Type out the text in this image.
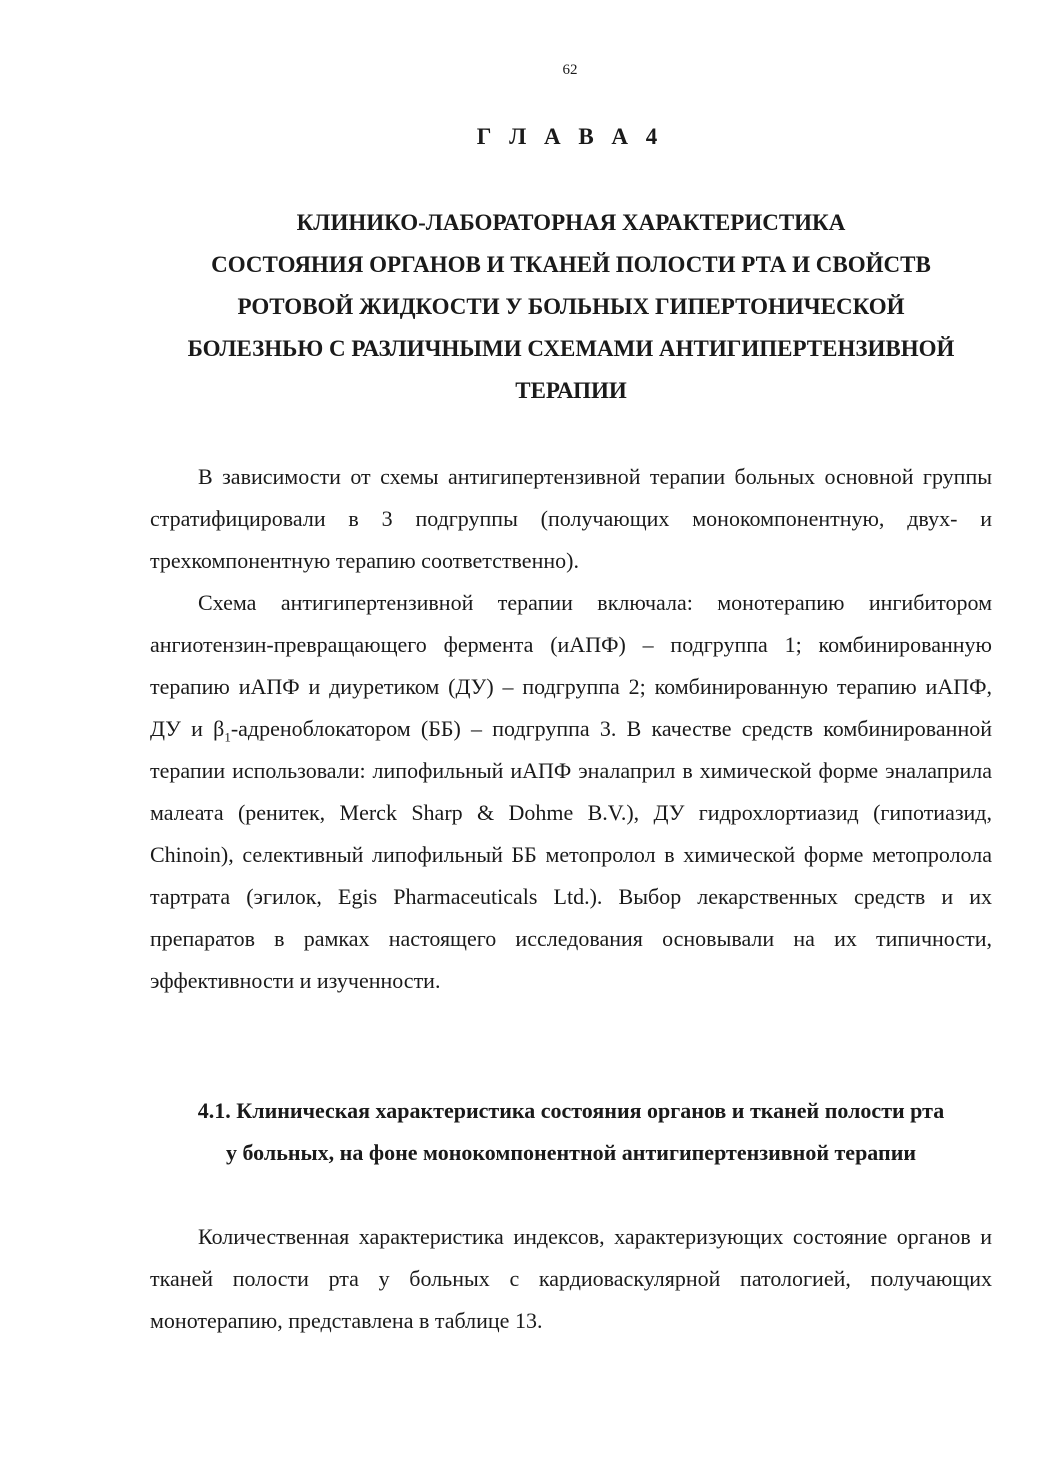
62
Г Л А В А 4
КЛИНИКО-ЛАБОРАТОРНАЯ ХАРАКТЕРИСТИКА
СОСТОЯНИЯ ОРГАНОВ И ТКАНЕЙ ПОЛОСТИ РТА И СВОЙСТВ
РОТОВОЙ ЖИДКОСТИ У БОЛЬНЫХ ГИПЕРТОНИЧЕСКОЙ
БОЛЕЗНЬЮ С РАЗЛИЧНЫМИ СХЕМАМИ АНТИГИПЕРТЕНЗИВНОЙ
ТЕРАПИИ

В зависимости от схемы антигипертензивной терапии больных основной группы стратифицировали в 3 подгруппы (получающих монокомпонентную, двух- и трехкомпонентную терапию соответственно).

Схема антигипертензивной терапии включала: монотерапию ингибитором ангиотензин-превращающего фермента (иАПФ) – подгруппа 1; комбинированную терапию иАПФ и диуретиком (ДУ) – подгруппа 2; комбинированную терапию иАПФ, ДУ и $\beta_1$-адреноблокатором (ББ) – подгруппа 3. В качестве средств комбинированной терапии использовали: липофильный иАПФ эналаприл в химической форме эналаприла малеата (ренитек, Merck Sharp & Dohme B.V.), ДУ гидрохлортиазид (гипотиазид, Chinoin), селективный липофильный ББ метопролол в химической форме метопролола тартрата (эгилок, Egis Pharmaceuticals Ltd.). Выбор лекарственных средств и их препаратов в рамках настоящего исследования основывали на их типичности, эффективности и изученности.

4.1. Клиническая характеристика состояния органов и тканей полости рта
у больных, на фоне монокомпонентной антигипертензивной терапии

Количественная характеристика индексов, характеризующих состояние органов и тканей полости рта у больных с кардиоваскулярной патологией, получающих монотерапию, представлена в таблице 13.
